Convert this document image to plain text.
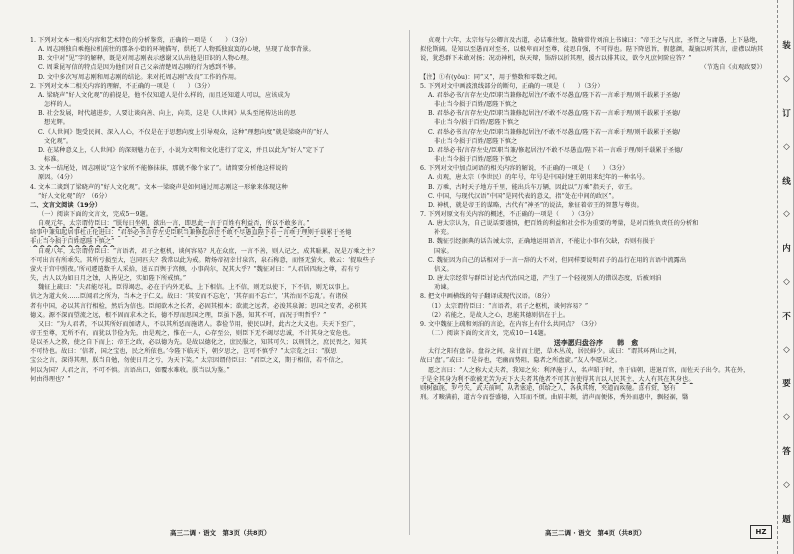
1. 下列对文本一相关内容和艺术特色的分析鉴赏，正确的一项是（　　）（3分）
A. 周志刚独自乘拖拉机前往的那条小街的环境描写，烘托了人物孤独寂寞的心境，呈现了故事背景。
B. 文中对“见”字的解释，既是对周志刚表示感谢又认出他是旧识的人物心理。
C. 周秉昆写信的特点是因为他们对自己父亲清楚周志刚的行为感到不够。
D. 文中多次写周志刚和周志刚的结论。来对托周志刚“改良”工作的作用。
2. 下列对文本二相关内容的理解，不正确的一项是（　　）（3分）
A. 梁晓声“好人文化观”的前提是，他不仅知道人是什么样的，而且还知道人可以，应该成为
怎样的人。
B. 社会发展，时代越进步，人要让谈向善、向上，向美，这是《人世间》从头至尾传达出的思
想光辉。
C.《人世间》饱受民间、深入人心，不仅是在于思想向度上引导观众，这种“理想向度”就是梁晓声的“好人
文化观”。
D. 在某种意义上，《人世间》的深刻魅力在于，小说为文明和文化进行了定义，并且以此为“好人”定下了
标准。
3. 文本一结尾处，周志刚说“这个家所不能修抹抹，那就不像个家了”。请简要分析他这样说的
原因。（4分）
4. 文本二谈到了梁晓声的“好人文化观”。文本一梁晓声是如何通过周志刚这一形象来体现这种
“好人文化观”的？（6分）
二、文言文阅读（19分）
（一）阅读下面的文言文，完成5～9题。
自观元年，太宗谓侍臣曰：“朕每日坐朝，欲出一言，即思此一言于百姓有利益否，所以不敢多言。”
给事中兼知起居事杜正伦进曰：“君举必书言存左史臣职当兼修起居注不敢不尽愚直陛下若一言乖于理则千载累于圣德
非止当今损于百姓愿陛下慎之”
自观八年，太宗谓侍臣曰：“言语者，君子之枢机，谈何容易？凡在众庶，一言不善，则人记之，成其耻累，况是万乘之主？
不可出言有所乖失。其所亏损至大，岂同匹夫？我常以此为戒。隋炀帝初幸甘泉宫，泉石称意，而怪无萤火，敕云：‘捉取些子
萤火于宫中照夜。’所司遽遣数千人采拾，送五百舆于宫侧，小事尚尔，况其大乎？”魏征对曰：“人君居四海之尊，若有亏
失，古人以为如日月之蚀，人皆见之，实如陛下所戒慎。”
魏征上疏曰：“夫君能尽礼，臣得竭忠，必在于内外无私，上下相信。上不信，则无以使下，下不信，则无以事上。
信之为道大矣……臣闻君之所为，当本之于仁义。故曰：‘其安而不忘危’，‘其存而不忘亡’，‘其治而不忘乱’。有诸侯
者有中国，必以其言行相检，然后为信也。臣闻欲木之长者，必固其根本；欲流之远者，必浚其泉源；思国之安者，必积其
德义。源不深而望流之远，根不固而求木之长，德不厚而思国之理，臣虽下愚，知其不可，而况于明哲乎？”
又曰：“为人君者，不以其所好而加诸人，不以其所恶而施诸人。恭俭节用，使民以时，此古之大义也。夫天下至广，
帝王至尊，无所不有，而犹以节俭为先，由是观之，惟在一人，心存至公，则臣下无不竭尽忠诚，不计其身之安危也。
是以圣人之教，使之自下而上；帝王之政，必以德为先。是故以德化之，庶民服之，知其可久；以刑罚之，庶民畏之，知其
不可恃也。故曰：‘信者，国之宝也，民之所依也。’今陛下临天下，朝夕思之，岂可不慎乎？”太宗览之曰：“朕思
宝公之言，深得其理，朕当自勉，勿使日月之亏，为天下笑。” 太宗因谓侍臣曰：“君臣之义，期于相信，若不信之，
何以为国？人君之言，不可不慎。言语出口，如覆水难收。朕当以为鉴。”
何由得理也？”
贞观十六年，太宗每与公卿言及古道，必诘难往复。散骑常侍刘洎上书谏曰：“帝王之与凡庶，圣哲之与庸愚，上下悬绝，
拟伦斯阔。是知以至愚而对至圣，以极卑而对至尊，徒思自强，不可得也。陛下降恩旨，假慈颜，凝旒以听其言，虚襟以纳其
说，犹恐群下未敢对扬；况动神机，纵天辩，饰辞以折其理，援古以排其议，欲令凡庶何阶应答？”
（节选自《贞观政要》）
【注】①有(yǒu)：同“又”，用于整数和零数之间。
5. 下列对文中画波浪线部分的断句，正确的一项是（　　）（3分）
A. 君举必书/言存左史/臣职当兼修起居注/不敢不尽愚直/陛下若一言乖于理/则千载累于圣德/
非止当今损于百姓/愿陛下慎之
B. 君举必书/言存左史/臣职当兼修起居注/不敢不尽愚直/陛下若一言乖于理/则千载累于圣德/
非止当今/损于百姓/愿陛下慎之
C. 君举必书言/存左史/臣职当兼修起居注/不敢不尽愚直/陛下若一言乖于理/则千载累于圣德/
非止当今损于百姓/愿陛下慎之
D. 君举必书/言存左史/臣职当兼/修起居注/不敢不尽愚直/陛下若一言乖于理/则千载累于圣德/
非止当今损于百姓/愿陛下慎之
6. 下列对文中加点词语的相关内容的解说，不正确的一项是（　　）（3分）
A. 贞观，唐太宗（李世民）的年号，年号是中国封建王朝用来纪年的一种名号。
B. 万乘，古时天子地方千里，能出兵车万辆，因此以“万乘”指天子，帝王。
C. 中国，与现代汉语“中国”是同代表的意义，指“处在中间的政区”。
D. 神机，就是帝王的谋略，古代有“神圣”的说法，象征着帝王的智慧与尊贵。
7. 下列对原文有关内容的概述，不正确的一项是（　　）（3分）
A. 唐太宗认为，自己说话要谨慎，把百姓的利益和社会作为重要的考量，是对百姓负责任的分析和
补充。
B. 魏征引经据典的话告诫太宗，正确地运用语言，不能让小事有欠缺，否则有损于
国家。
C. 魏征因为自己的话相对于一言一辞的大不对，但同样要说明君子的品行在用的言语中流露出
信义。
D. 唐太宗经常与群臣讨论古代治国之道，产生了一个轻视别人的错误态度，后被刘洎
劝谏。
8. 把文中画横线的句子翻译成现代汉语。（8分）
（1）太宗谓侍臣曰：“言语者，君子之枢机，谈何容易？”
（2）若能之，是故人之心，思能其德则信在于上。
9. 文中魏征上疏和刘洎的言论，在内容上有什么共同点？（3分）
（二）阅读下面的文言文，完成10～14题。
送李愿归盘谷序　　韩　愈
太行之阳有盘谷。盘谷之间，泉甘而土肥，草木丛茂，居民鲜少。或曰：“谓其环两山之间，
故曰‘盘’。”或曰：“是谷也，宅幽而势阻，隐者之所盘旋。”友人李愿居之。
愿之言曰：“人之称大丈夫者，我知之矣：利泽施于人，名声昭于时，坐于庙朝，进退百官，而佐天子出令。其在外，
于是全其身为利不欲被无苦为天下大夫者其他者不可其言使得其言以人民其主，大人有其在其身也。
则树旗旄，罗弓矢，武夫前呵，从者塞途，供给之人，各执其物，夹道而疾驰。喜有赏，怒有
刑。才畯满前，道古今而誉盛德，入耳而不烦。曲眉丰颊，清声而便体，秀外而惠中，飘轻裾，翳
高三二调 · 语文　第3页（共8页）	高三二调 · 语文　第4页（共8页）	HZ
装
◇
订
◇
线
◇
内
◇
不
◇
要
◇
答
◇
题
